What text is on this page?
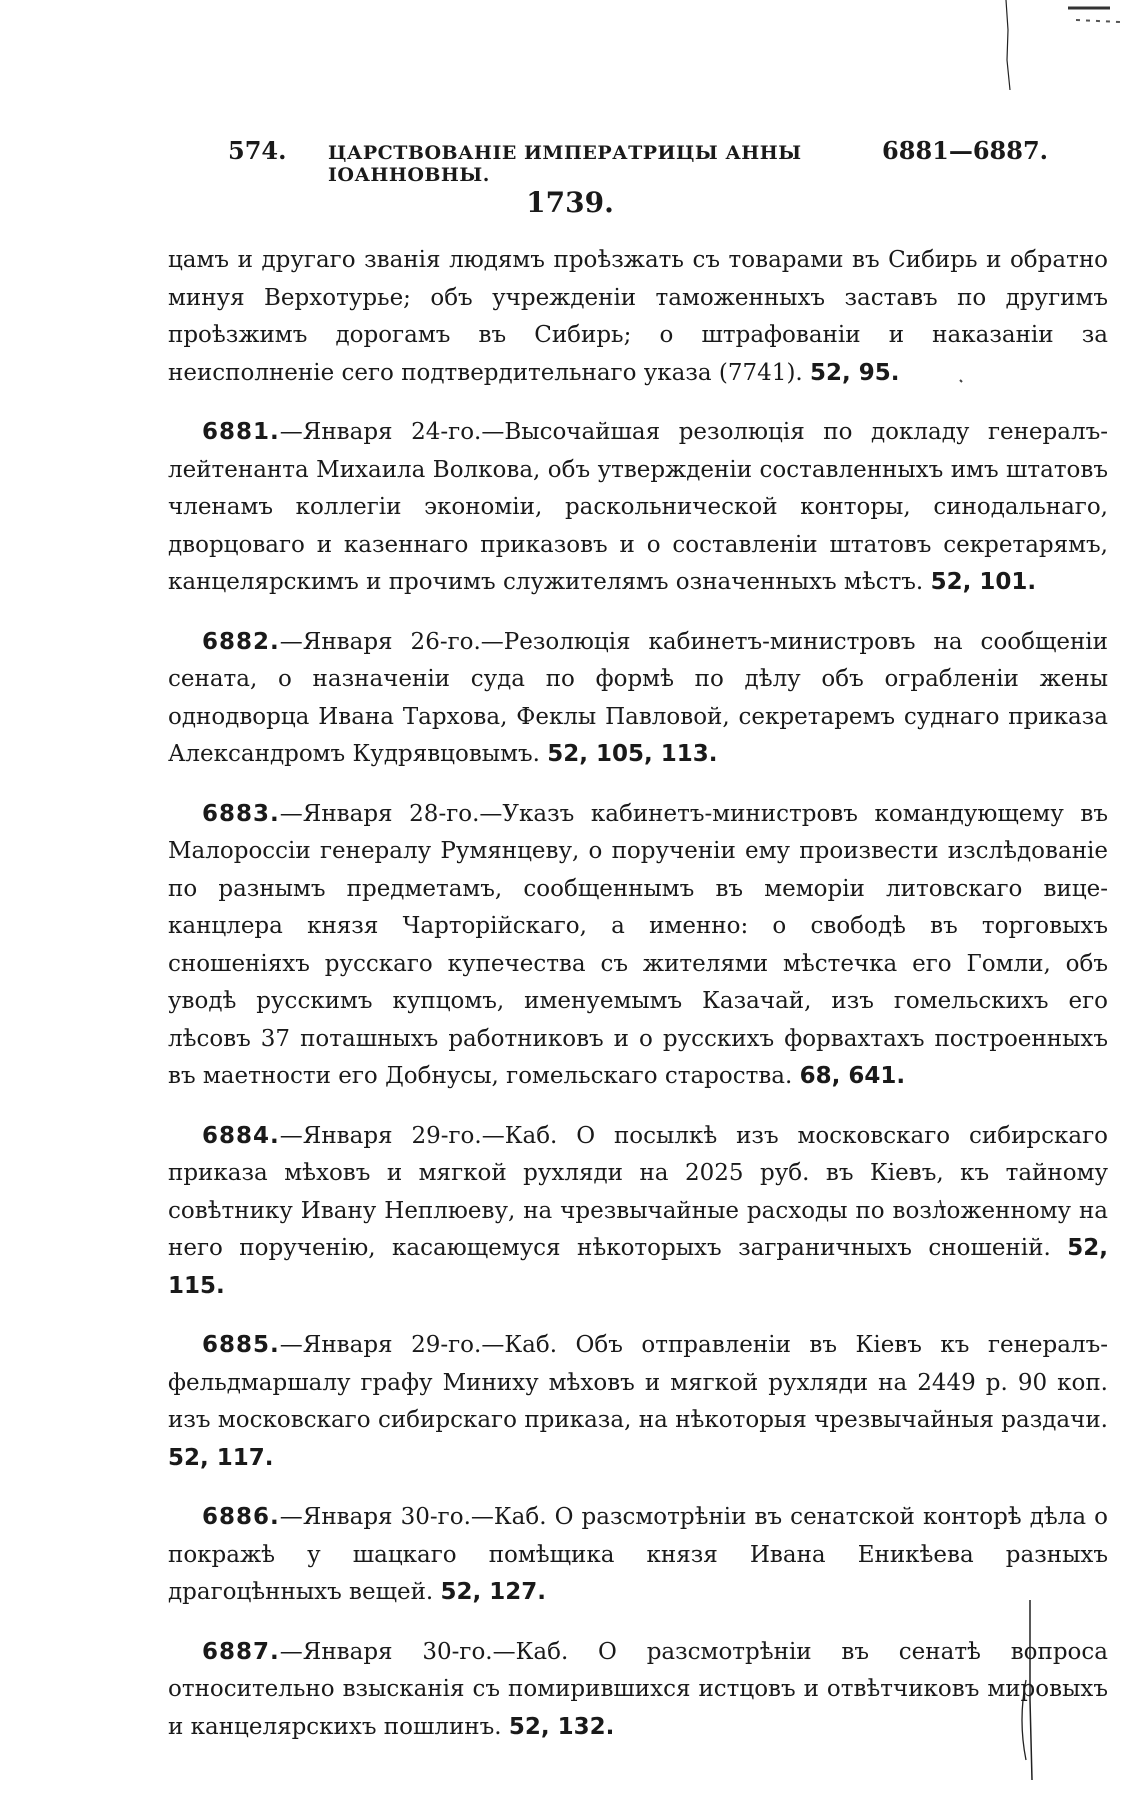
574.	ЦАРСТВОВАНІЕ ИМПЕРАТРИЦЫ АННЫ ІОАННОВНЫ.
6881—6887.
1739.

цамъ и другаго званія людямъ проѣзжать съ товарами въ Сибирь и обратно минуя Верхотурье; объ учрежденіи таможенныхъ заставъ по другимъ проѣзжимъ дорогамъ въ Сибирь; о штрафованіи и наказаніи за неисполненіе сего подтвердительнаго указа (7741). 52, 95.

6881.—Января 24-го.—Высочайшая резолюція по докладу генералъ-лейтенанта Михаила Волкова, объ утвержденіи составленныхъ имъ штатовъ членамъ коллегіи экономіи, раскольнической конторы, синодальнаго, дворцоваго и казеннаго приказовъ и о составленіи штатовъ секретарямъ, канцелярскимъ и прочимъ служителямъ означенныхъ мѣстъ. 52, 101.

6882.—Января 26-го.—Резолюція кабинетъ-министровъ на сообщеніи сената, о назначеніи суда по формѣ по дѣлу объ ограбленіи жены однодворца Ивана Тархова, Феклы Павловой, секретаремъ суднаго приказа Александромъ Кудрявцовымъ. 52, 105, 113.

6883.—Января 28-го.—Указъ кабинетъ-министровъ командующему въ Малороссіи генералу Румянцеву, о порученіи ему произвести изслѣдованіе по разнымъ предметамъ, сообщеннымъ въ меморіи литовскаго вице-канцлера князя Чарторійскаго, а именно: о свободѣ въ торговыхъ сношеніяхъ русскаго купечества съ жителями мѣстечка его Гомли, объ уводѣ русскимъ купцомъ, именуемымъ Казачай, изъ гомельскихъ его лѣсовъ 37 поташныхъ работниковъ и о русскихъ форвахтахъ построенныхъ въ маетности его Добнусы, гомельскаго староства. 68, 641.

6884.—Января 29-го.—Каб. О посылкѣ изъ московскаго сибирскаго приказа мѣховъ и мягкой рухляди на 2025 руб. въ Кіевъ, къ тайному совѣтнику Ивану Неплюеву, на чрезвычайные расходы по возложенному на него порученію, касающемуся нѣкоторыхъ заграничныхъ сношеній. 52, 115.

6885.—Января 29-го.—Каб. Объ отправленіи въ Кіевъ къ генералъ-фельдмаршалу графу Миниху мѣховъ и мягкой рухляди на 2449 р. 90 коп. изъ московскаго сибирскаго приказа, на нѣкоторыя чрезвычайныя раздачи. 52, 117.

6886.—Января 30-го.—Каб. О разсмотрѣніи въ сенатской конторѣ дѣла о покражѣ у шацкаго помѣщика князя Ивана Еникѣева разныхъ драгоцѣнныхъ вещей. 52, 127.

6887.—Января 30-го.—Каб. О разсмотрѣніи въ сенатѣ вопроса относительно взысканія съ помирившихся истцовъ и отвѣтчиковъ мировыхъ и канцелярскихъ пошлинъ. 52, 132.
